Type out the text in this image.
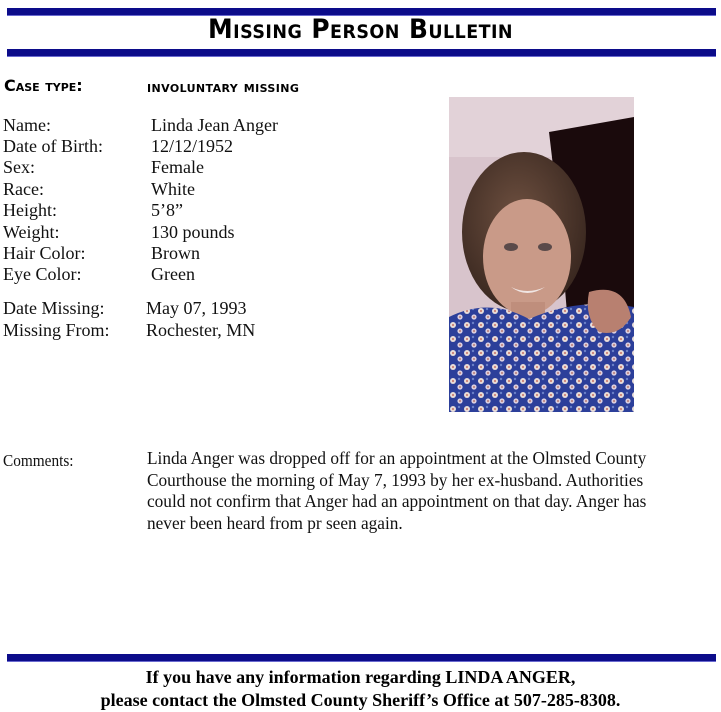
Missing Person Bulletin
Case type:	involuntary missing
Name:	Linda Jean Anger
Date of Birth:	12/12/1952
Sex:	Female
Race:	White
Height:	5’8”
Weight:	130 pounds
Hair Color:	Brown
Eye Color:	Green
Date Missing: May 07, 1993
Missing From: Rochester, MN
Comments:	Linda Anger was dropped off for an appointment at the Olmsted County Courthouse the morning of May 7, 1993 by her ex-husband. Authorities could not confirm that Anger had an appointment on that day. Anger has never been heard from pr seen again.
If you have any information regarding LINDA ANGER,
please contact the Olmsted County Sheriff’s Office at 507-285-8308.
